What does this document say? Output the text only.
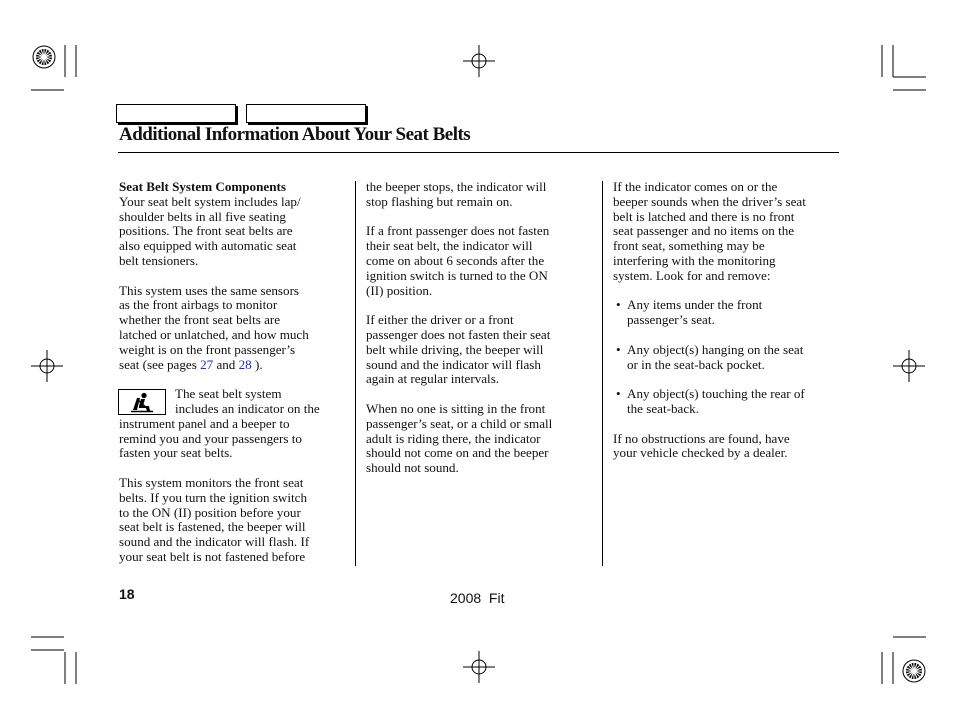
Additional Information About Your Seat Belts

Seat Belt System Components
Your seat belt system includes lap/
shoulder belts in all five seating
positions. The front seat belts are
also equipped with automatic seat
belt tensioners.

This system uses the same sensors
as the front airbags to monitor
whether the front seat belts are
latched or unlatched, and how much
weight is on the front passenger’s
seat (see pages 27 and 28 ).

The seat belt system
includes an indicator on the
instrument panel and a beeper to
remind you and your passengers to
fasten your seat belts.

This system monitors the front seat
belts. If you turn the ignition switch
to the ON (II) position before your
seat belt is fastened, the beeper will
sound and the indicator will flash. If
your seat belt is not fastened before

the beeper stops, the indicator will
stop flashing but remain on.

If a front passenger does not fasten
their seat belt, the indicator will
come on about 6 seconds after the
ignition switch is turned to the ON
(II) position.

If either the driver or a front
passenger does not fasten their seat
belt while driving, the beeper will
sound and the indicator will flash
again at regular intervals.

When no one is sitting in the front
passenger’s seat, or a child or small
adult is riding there, the indicator
should not come on and the beeper
should not sound.

If the indicator comes on or the
beeper sounds when the driver’s seat
belt is latched and there is no front
seat passenger and no items on the
front seat, something may be
interfering with the monitoring
system. Look for and remove:

• Any items under the front
passenger’s seat.
• Any object(s) hanging on the seat
or in the seat-back pocket.
• Any object(s) touching the rear of
the seat-back.

If no obstructions are found, have
your vehicle checked by a dealer.

18	2008  Fit
